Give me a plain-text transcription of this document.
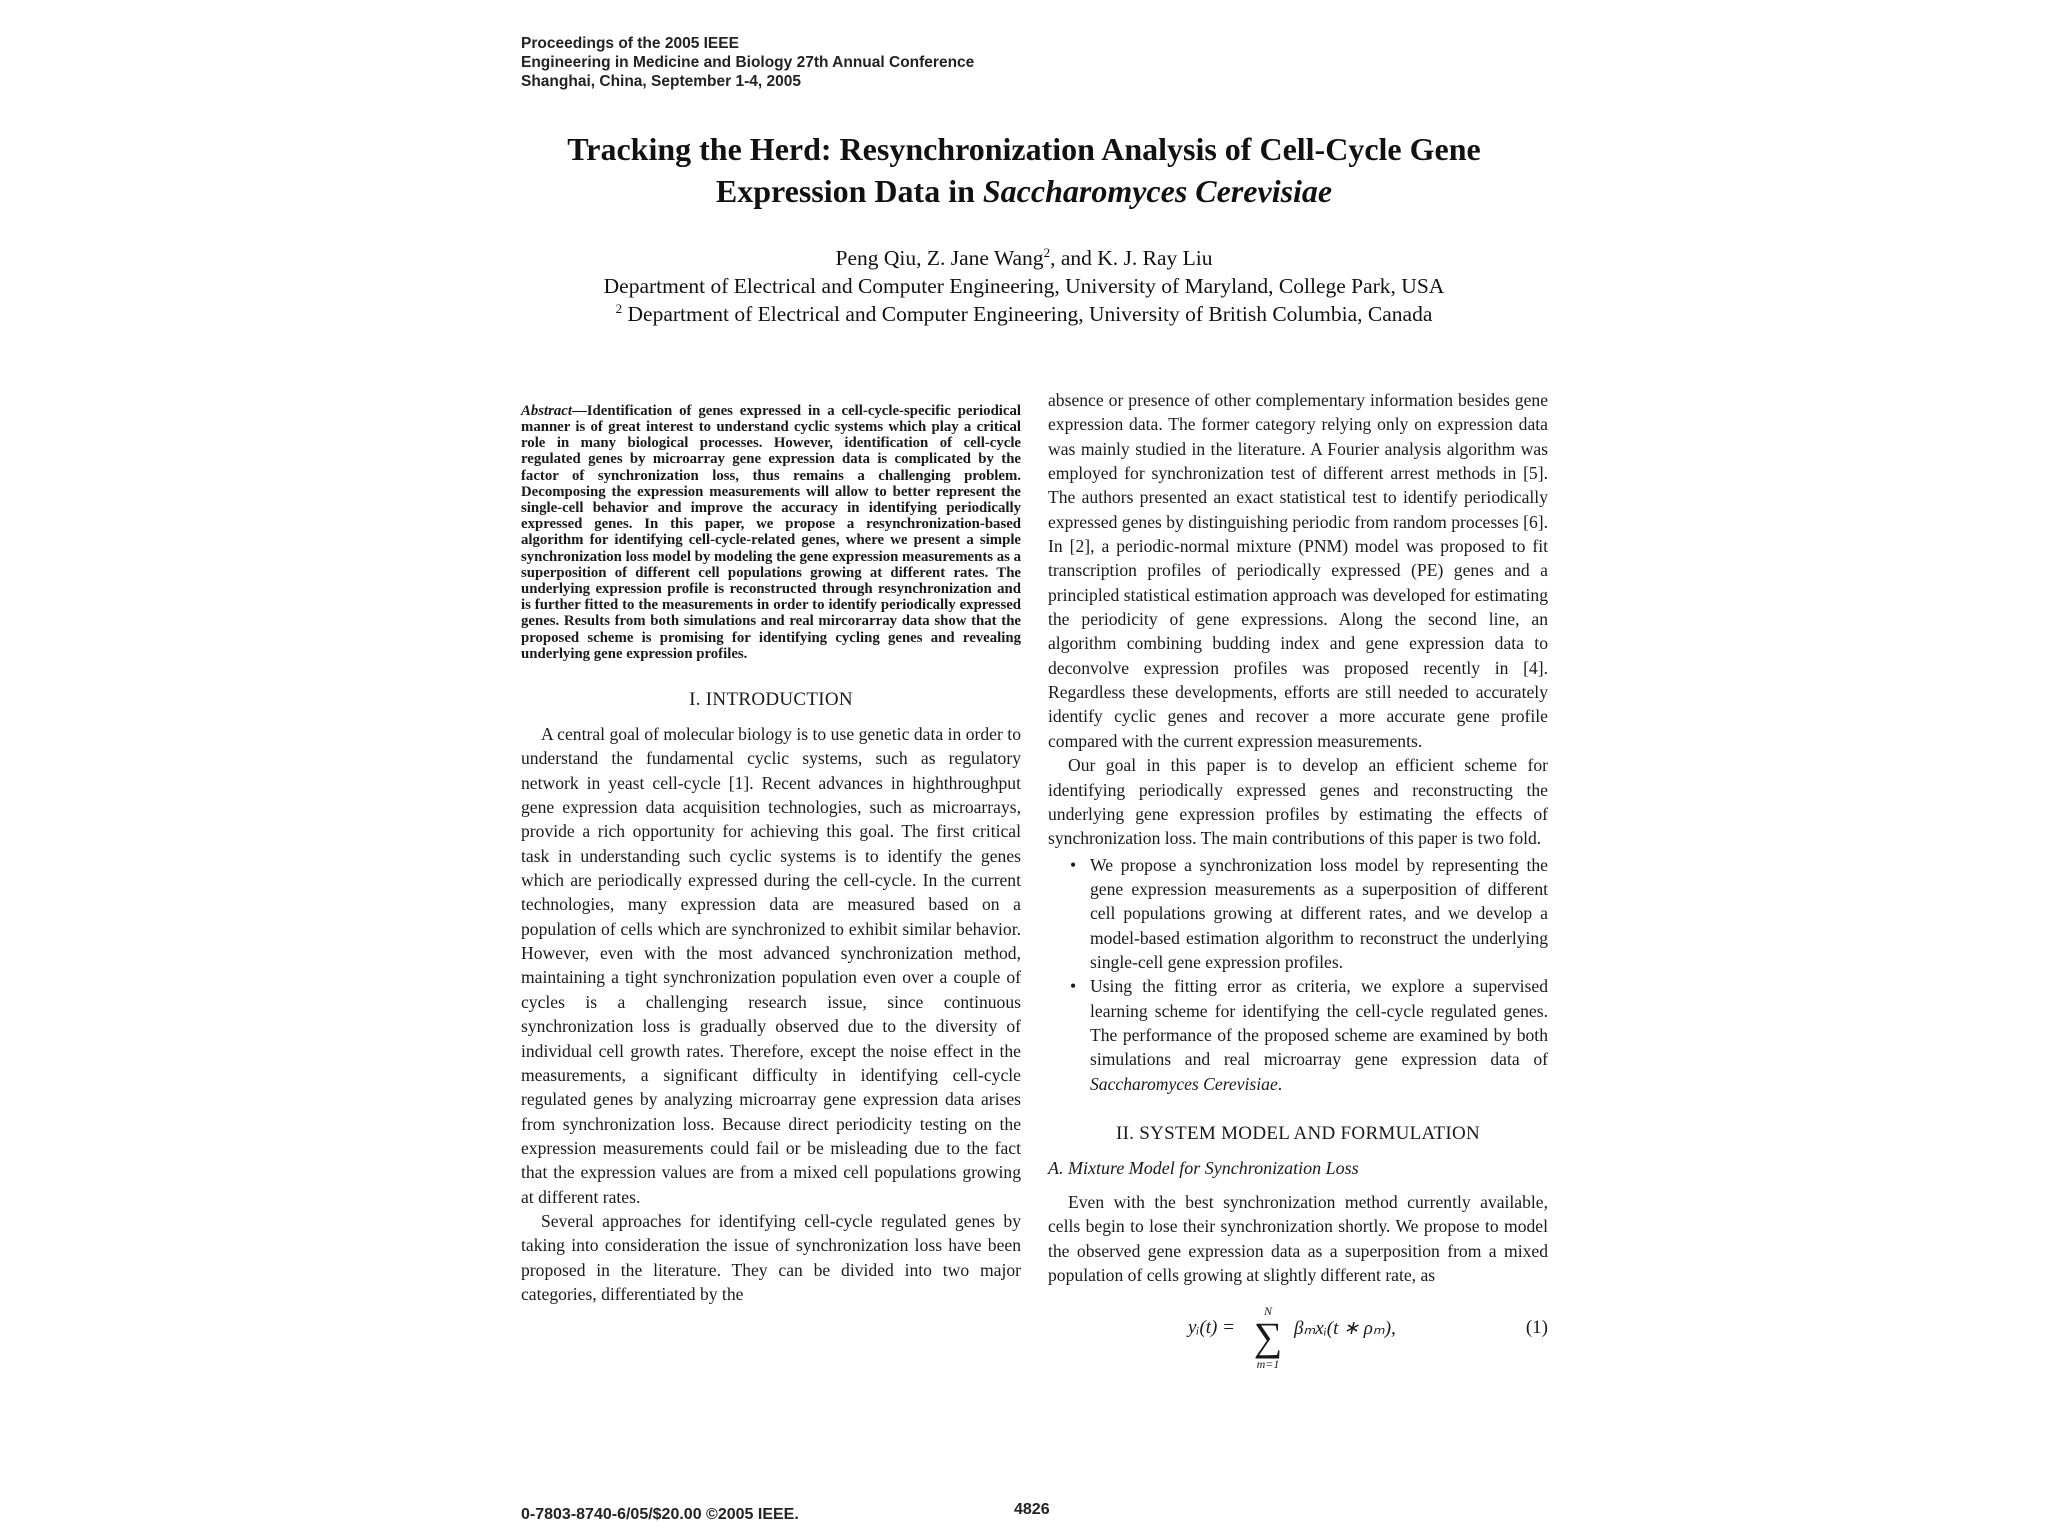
Proceedings of the 2005 IEEE
Engineering in Medicine and Biology 27th Annual Conference
Shanghai, China, September 1-4, 2005
Tracking the Herd: Resynchronization Analysis of Cell-Cycle Gene
Expression Data in Saccharomyces Cerevisiae
Peng Qiu, Z. Jane Wang$^2$, and K. J. Ray Liu
Department of Electrical and Computer Engineering, University of Maryland, College Park, USA
$^2$ Department of Electrical and Computer Engineering, University of British Columbia, Canada

Abstract—Identification of genes expressed in a cell-cycle-specific periodical manner is of great interest to understand cyclic systems which play a critical role in many biological processes. However, identification of cell-cycle regulated genes by microarray gene expression data is complicated by the factor of synchronization loss, thus remains a challenging problem. Decomposing the expression measurements will allow to better represent the single-cell behavior and improve the accuracy in identifying periodically expressed genes. In this paper, we propose a resynchronization-based algorithm for identifying cell-cycle-related genes, where we present a simple synchronization loss model by modeling the gene expression measurements as a superposition of different cell populations growing at different rates. The underlying expression profile is reconstructed through resynchronization and is further fitted to the measurements in order to identify periodically expressed genes. Results from both simulations and real mircorarray data show that the proposed scheme is promising for identifying cycling genes and revealing underlying gene expression profiles.

I. INTRODUCTION

A central goal of molecular biology is to use genetic data in order to understand the fundamental cyclic systems, such as regulatory network in yeast cell-cycle [1]. Recent advances in highthroughput gene expression data acquisition technologies, such as microarrays, provide a rich opportunity for achieving this goal. The first critical task in understanding such cyclic systems is to identify the genes which are periodically expressed during the cell-cycle. In the current technologies, many expression data are measured based on a population of cells which are synchronized to exhibit similar behavior. However, even with the most advanced synchronization method, maintaining a tight synchronization population even over a couple of cycles is a challenging research issue, since continuous synchronization loss is gradually observed due to the diversity of individual cell growth rates. Therefore, except the noise effect in the measurements, a significant difficulty in identifying cell-cycle regulated genes by analyzing microarray gene expression data arises from synchronization loss. Because direct periodicity testing on the expression measurements could fail or be misleading due to the fact that the expression values are from a mixed cell populations growing at different rates.

Several approaches for identifying cell-cycle regulated genes by taking into consideration the issue of synchronization loss have been proposed in the literature. They can be divided into two major categories, differentiated by the

absence or presence of other complementary information besides gene expression data. The former category relying only on expression data was mainly studied in the literature. A Fourier analysis algorithm was employed for synchronization test of different arrest methods in [5]. The authors presented an exact statistical test to identify periodically expressed genes by distinguishing periodic from random processes [6]. In [2], a periodic-normal mixture (PNM) model was proposed to fit transcription profiles of periodically expressed (PE) genes and a principled statistical estimation approach was developed for estimating the periodicity of gene expressions. Along the second line, an algorithm combining budding index and gene expression data to deconvolve expression profiles was proposed recently in [4]. Regardless these developments, efforts are still needed to accurately identify cyclic genes and recover a more accurate gene profile compared with the current expression measurements.

Our goal in this paper is to develop an efficient scheme for identifying periodically expressed genes and reconstructing the underlying gene expression profiles by estimating the effects of synchronization loss. The main contributions of this paper is two fold.

• We propose a synchronization loss model by representing the gene expression measurements as a superposition of different cell populations growing at different rates, and we develop a model-based estimation algorithm to reconstruct the underlying single-cell gene expression profiles.
• Using the fitting error as criteria, we explore a supervised learning scheme for identifying the cell-cycle regulated genes. The performance of the proposed scheme are examined by both simulations and real microarray gene expression data of Saccharomyces Cerevisiae.
II. SYSTEM MODEL AND FORMULATION
A. Mixture Model for Synchronization Loss

Even with the best synchronization method currently available, cells begin to lose their synchronization shortly. We propose to model the observed gene expression data as a superposition from a mixed population of cells growing at slightly different rate, as

yᵢ(t) =
N
∑
m=1
βₘxᵢ(t ∗ ρₘ),	(1)
0-7803-8740-6/05/$20.00 ©2005 IEEE.	4826
